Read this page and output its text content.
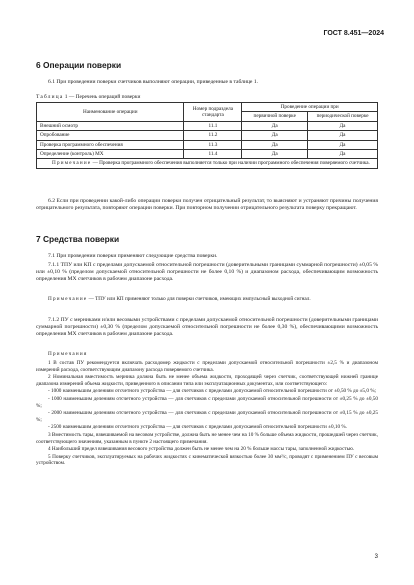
ГОСТ 8.451—2024
6 Операции поверки
6.1 При проведении поверки счетчиков выполняют операции, приведенные в таблице 1.
Таблица 1 — Перечень операций поверки
Наименование операции	Номер подраздела стандарта	Проведение операции при	
		первичной поверке	периодической поверке
Внешний осмотр	11.1	Да	Да
Опробование	11.2	Да	Да
Проверка программного обеспечения	11.3	Да	Да
Определение (контроль) МХ	11.4	Да	Да
Примечание — Проверка программного обеспечения выполняется только при наличии программного обеспечения поверяемого счетчика.			
6.2 Если при проведении какой-либо операции поверки получен отрицательный результат, то выясняют и устраняют причины получения отрицательного результата, повторяют операции поверки. При повторном получении отрицательного результата поверку прекращают.
7 Средства поверки
7.1 При проведении поверки применяют следующие средства поверки.
7.1.1 ТПУ или КП с пределами допускаемой относительной погрешности (доверительными границами суммарной погрешности) ±0,05 % или ±0,10 % (пределом допускаемой относительной погрешности не более 0,10 %) и диапазоном расхода, обеспечивающим возможность определения МХ счетчиков в рабочем диапазоне расхода.
Примечание — ТПУ или КП применяют только для поверки счетчиков, имеющих импульсный выходной сигнал.
7.1.2 ПУ с мерниками и/или весовыми устройствами с пределами допускаемой относительной погрешности (доверительными границами суммарной погрешности) ±0,30 % (пределом допускаемой относительной погрешности не более 0,30 %), обеспечивающими возможность определения МХ счетчиков в рабочем диапазоне расхода.
Примечания
1 В состав ПУ рекомендуется включать расходомер жидкости с пределами допускаемой относительной погрешности ±2,5 % и диапазоном измерений расхода, соответствующим диапазону расхода поверяемого счетчика.
2 Номинальная вместимость мерника должна быть не менее объема жидкости, проходящей через счетчик, соответствующей нижней границе диапазона измерений объема жидкости, приведенного в описании типа или эксплуатационных документах, или соответствующего:
- 1000 наименьшим делениям отсчетного устройства — для счетчиков с пределами допускаемой относительной погрешности от ±0,50 % до ±5,0 %;
- 1000 наименьшим делениям отсчетного устройства — для счетчиков с пределами допускаемой относительной погрешности от ±0,25 % до ±0,50 %;
- 2000 наименьшим делениям отсчетного устройства — для счетчиков с пределами допускаемой относительной погрешности от ±0,15 % до ±0,25 %;
- 2500 наименьшим делениям отсчетного устройства — для счетчиков с пределами допускаемой относительной погрешности ±0,10 %.
3 Вместимость тары, взвешиваемой на весовом устройстве, должна быть не менее чем на 10 % больше объема жидкости, прошедшей через счетчик, соответствующего значениям, указанным в пункте 2 настоящего примечания.
4 Наибольший предел взвешивания весового устройства должен быть не менее чем на 20 % больше массы тары, заполненной жидкостью.
5 Поверку счетчиков, эксплуатируемых на рабочих жидкостях с кинематической вязкостью более 30 мм²/с, проводят с применением ПУ с весовым устройством.
3
